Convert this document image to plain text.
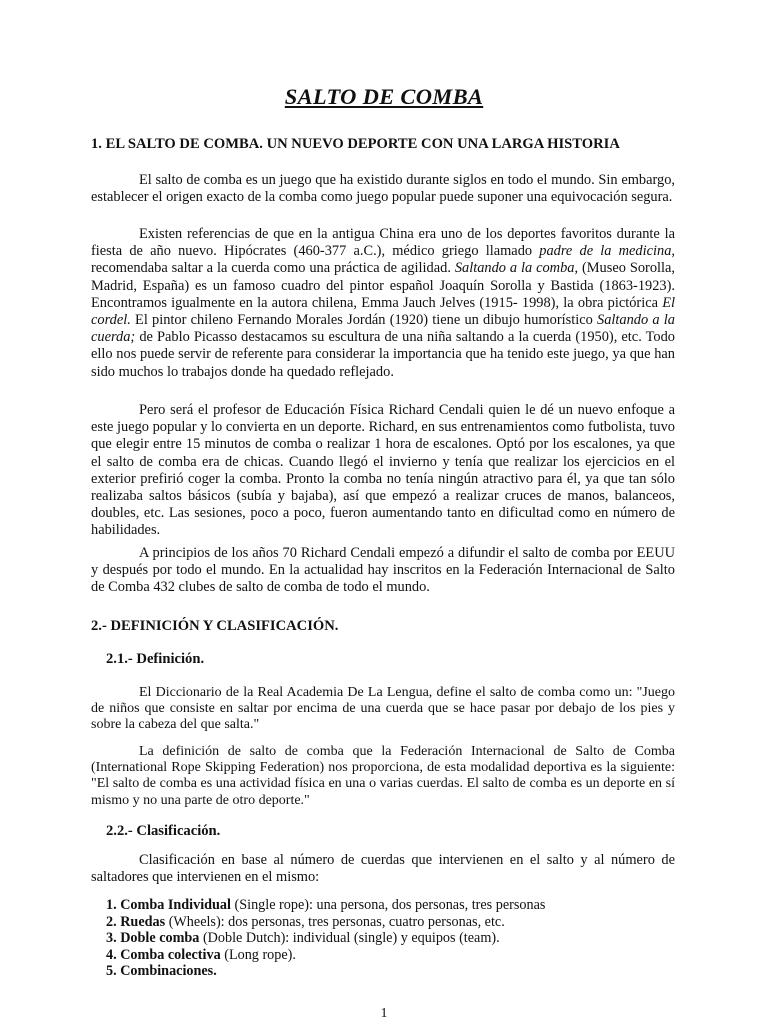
SALTO DE COMBA
1. EL SALTO DE COMBA. UN NUEVO DEPORTE CON UNA LARGA HISTORIA

El salto de comba es un juego que ha existido durante siglos en todo el mundo. Sin embargo, establecer el origen exacto de la comba como juego popular puede suponer una equivocación segura.

Existen referencias de que en la antigua China era uno de los deportes favoritos durante la fiesta de año nuevo. Hipócrates (460-377 a.C.), médico griego llamado padre de la medicina, recomendaba saltar a la cuerda como una práctica de agilidad. Saltando a la comba, (Museo Sorolla, Madrid, España) es un famoso cuadro del pintor español Joaquín Sorolla y Bastida (1863-1923). Encontramos igualmente en la autora chilena, Emma Jauch Jelves (1915- 1998), la obra pictórica El cordel. El pintor chileno Fernando Morales Jordán (1920) tiene un dibujo humorístico Saltando a la cuerda; de Pablo Picasso destacamos su escultura de una niña saltando a la cuerda (1950), etc. Todo ello nos puede servir de referente para considerar la importancia que ha tenido este juego, ya que han sido muchos lo trabajos donde ha quedado reflejado.

Pero será el profesor de Educación Física Richard Cendali quien le dé un nuevo enfoque a este juego popular y lo convierta en un deporte. Richard, en sus entrenamientos como futbolista, tuvo que elegir entre 15 minutos de comba o realizar 1 hora de escalones. Optó por los escalones, ya que el salto de comba era de chicas. Cuando llegó el invierno y tenía que realizar los ejercicios en el exterior prefirió coger la comba. Pronto la comba no tenía ningún atractivo para él, ya que tan sólo realizaba saltos básicos (subía y bajaba), así que empezó a realizar cruces de manos, balanceos, doubles, etc. Las sesiones, poco a poco, fueron aumentando tanto en dificultad como en número de habilidades.

A principios de los años 70 Richard Cendali empezó a difundir el salto de comba por EEUU y después por todo el mundo. En la actualidad hay inscritos en la Federación Internacional de Salto de Comba 432 clubes de salto de comba de todo el mundo.

2.- DEFINICIÓN Y CLASIFICACIÓN.
2.1.- Definición.

El Diccionario de la Real Academia De La Lengua, define el salto de comba como un: "Juego de niños que consiste en saltar por encima de una cuerda que se hace pasar por debajo de los pies y sobre la cabeza del que salta."

La definición de salto de comba que la Federación Internacional de Salto de Comba (International Rope Skipping Federation) nos proporciona, de esta modalidad deportiva es la siguiente: "El salto de comba es una actividad física en una o varias cuerdas. El salto de comba es un deporte en sí mismo y no una parte de otro deporte."

2.2.- Clasificación.

Clasificación en base al número de cuerdas que intervienen en el salto y al número de saltadores que intervienen en el mismo:

1. Comba Individual (Single rope): una persona, dos personas, tres personas
2. Ruedas (Wheels): dos personas, tres personas, cuatro personas, etc.
3. Doble comba (Doble Dutch): individual (single) y equipos (team).
4. Comba colectiva (Long rope).
5. Combinaciones.
1
